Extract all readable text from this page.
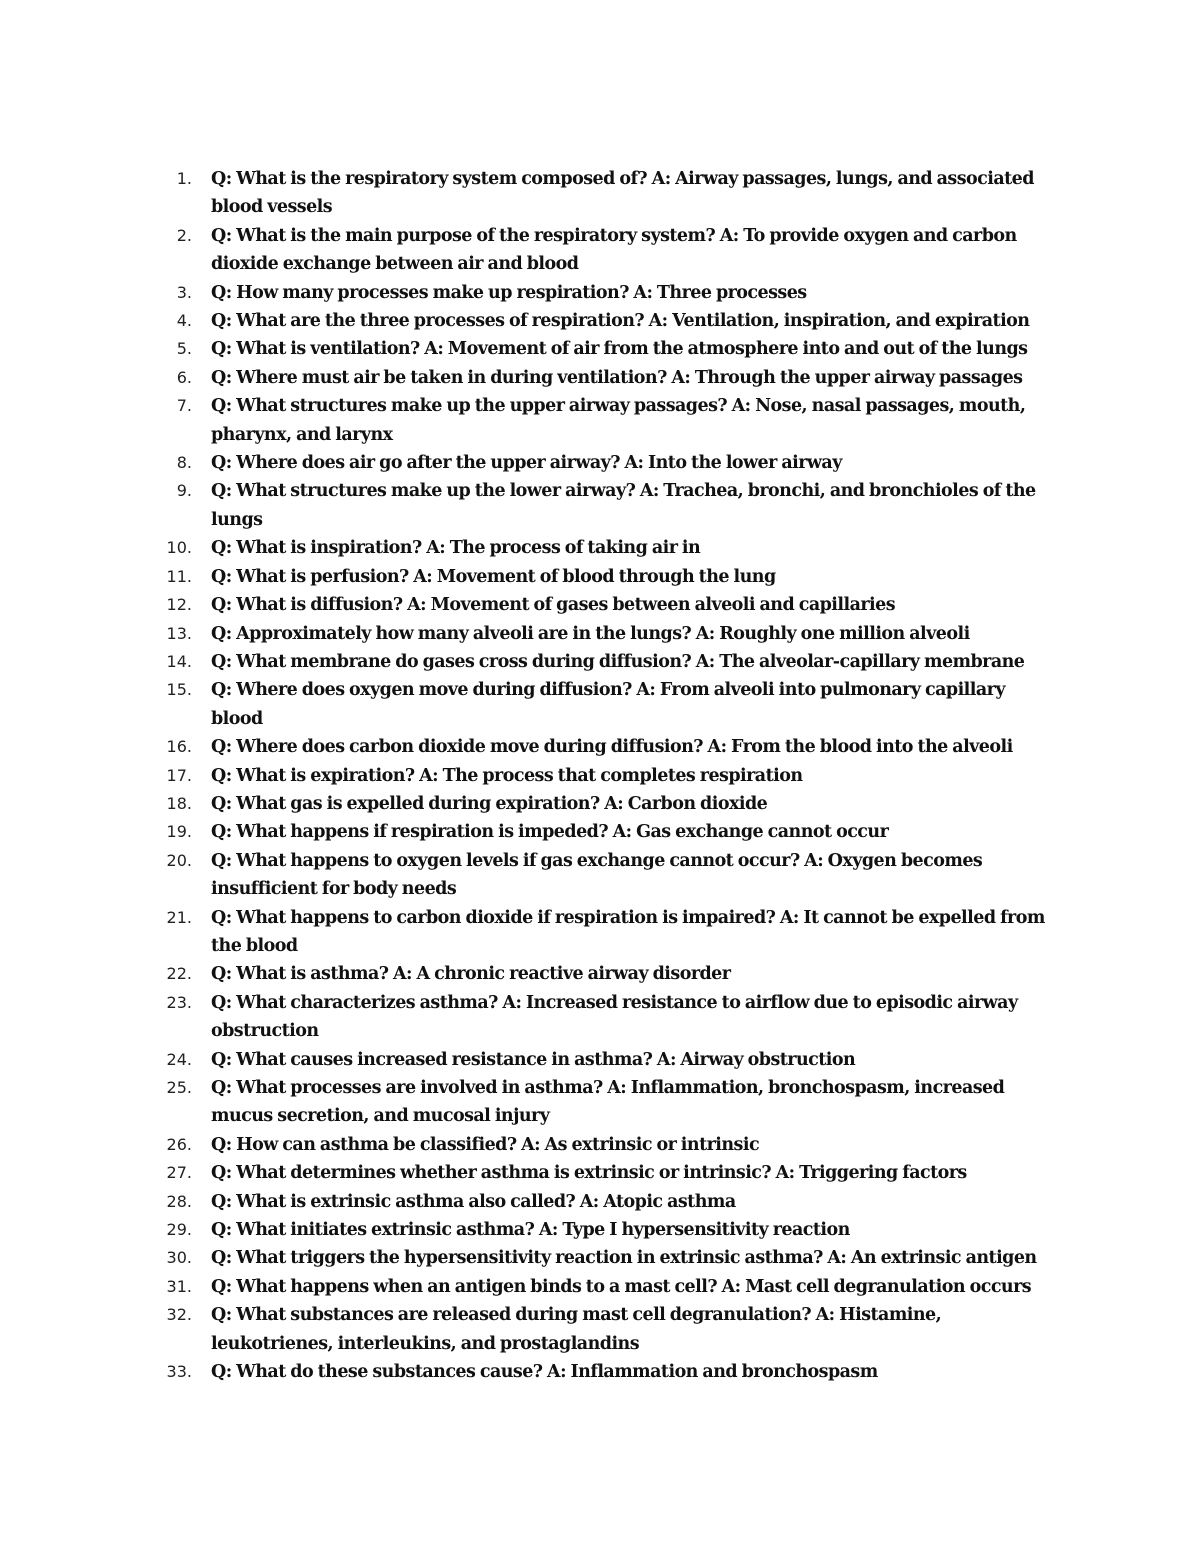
1. Q: What is the respiratory system composed of? A: Airway passages, lungs, and associated blood vessels
2. Q: What is the main purpose of the respiratory system? A: To provide oxygen and carbon dioxide exchange between air and blood
3. Q: How many processes make up respiration? A: Three processes
4. Q: What are the three processes of respiration? A: Ventilation, inspiration, and expiration
5. Q: What is ventilation? A: Movement of air from the atmosphere into and out of the lungs
6. Q: Where must air be taken in during ventilation? A: Through the upper airway passages
7. Q: What structures make up the upper airway passages? A: Nose, nasal passages, mouth, pharynx, and larynx
8. Q: Where does air go after the upper airway? A: Into the lower airway
9. Q: What structures make up the lower airway? A: Trachea, bronchi, and bronchioles of the lungs
10. Q: What is inspiration? A: The process of taking air in
11. Q: What is perfusion? A: Movement of blood through the lung
12. Q: What is diffusion? A: Movement of gases between alveoli and capillaries
13. Q: Approximately how many alveoli are in the lungs? A: Roughly one million alveoli
14. Q: What membrane do gases cross during diffusion? A: The alveolar-capillary membrane
15. Q: Where does oxygen move during diffusion? A: From alveoli into pulmonary capillary blood
16. Q: Where does carbon dioxide move during diffusion? A: From the blood into the alveoli
17. Q: What is expiration? A: The process that completes respiration
18. Q: What gas is expelled during expiration? A: Carbon dioxide
19. Q: What happens if respiration is impeded? A: Gas exchange cannot occur
20. Q: What happens to oxygen levels if gas exchange cannot occur? A: Oxygen becomes insufficient for body needs
21. Q: What happens to carbon dioxide if respiration is impaired? A: It cannot be expelled from the blood
22. Q: What is asthma? A: A chronic reactive airway disorder
23. Q: What characterizes asthma? A: Increased resistance to airflow due to episodic airway obstruction
24. Q: What causes increased resistance in asthma? A: Airway obstruction
25. Q: What processes are involved in asthma? A: Inflammation, bronchospasm, increased mucus secretion, and mucosal injury
26. Q: How can asthma be classified? A: As extrinsic or intrinsic
27. Q: What determines whether asthma is extrinsic or intrinsic? A: Triggering factors
28. Q: What is extrinsic asthma also called? A: Atopic asthma
29. Q: What initiates extrinsic asthma? A: Type I hypersensitivity reaction
30. Q: What triggers the hypersensitivity reaction in extrinsic asthma? A: An extrinsic antigen
31. Q: What happens when an antigen binds to a mast cell? A: Mast cell degranulation occurs
32. Q: What substances are released during mast cell degranulation? A: Histamine, leukotrienes, interleukins, and prostaglandins
33. Q: What do these substances cause? A: Inflammation and bronchospasm
